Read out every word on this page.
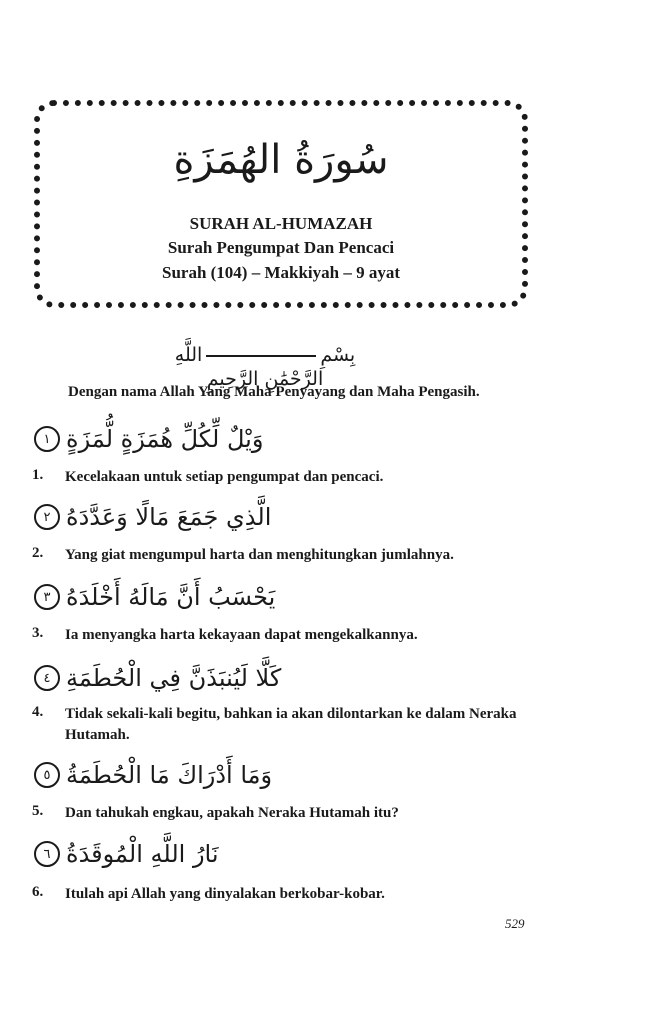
سُورَةُ الهُمَزَةِ
SURAH AL-HUMAZAH
Surah Pengumpat Dan Pencaci
Surah (104) – Makkiyah – 9 ayat
بِسْمِاللَّهِ الرَّحْمَٰنِ الرَّحِيمِ
Dengan nama Allah Yang Maha Penyayang dan Maha Pengasih.
١ وَيْلٌ لِّكُلِّ هُمَزَةٍ لُّمَزَةٍ
1. Kecelakaan untuk setiap pengumpat dan pencaci.
٢ الَّذِي جَمَعَ مَالًا وَعَدَّدَهُ
2. Yang giat mengumpul harta dan menghitungkan jumlahnya.
٣ يَحْسَبُ أَنَّ مَالَهُ أَخْلَدَهُ
3. Ia menyangka harta kekayaan dapat mengekalkannya.
٤ كَلَّا لَيُنبَذَنَّ فِي الْحُطَمَةِ
4. Tidak sekali-kali begitu, bahkan ia akan dilontarkan ke dalam Neraka Hutamah.
٥ وَمَا أَدْرَاكَ مَا الْحُطَمَةُ
5. Dan tahukah engkau, apakah Neraka Hutamah itu?
٦ نَارُ اللَّهِ الْمُوقَدَةُ
6. Itulah api Allah yang dinyalakan berkobar-kobar.
529
